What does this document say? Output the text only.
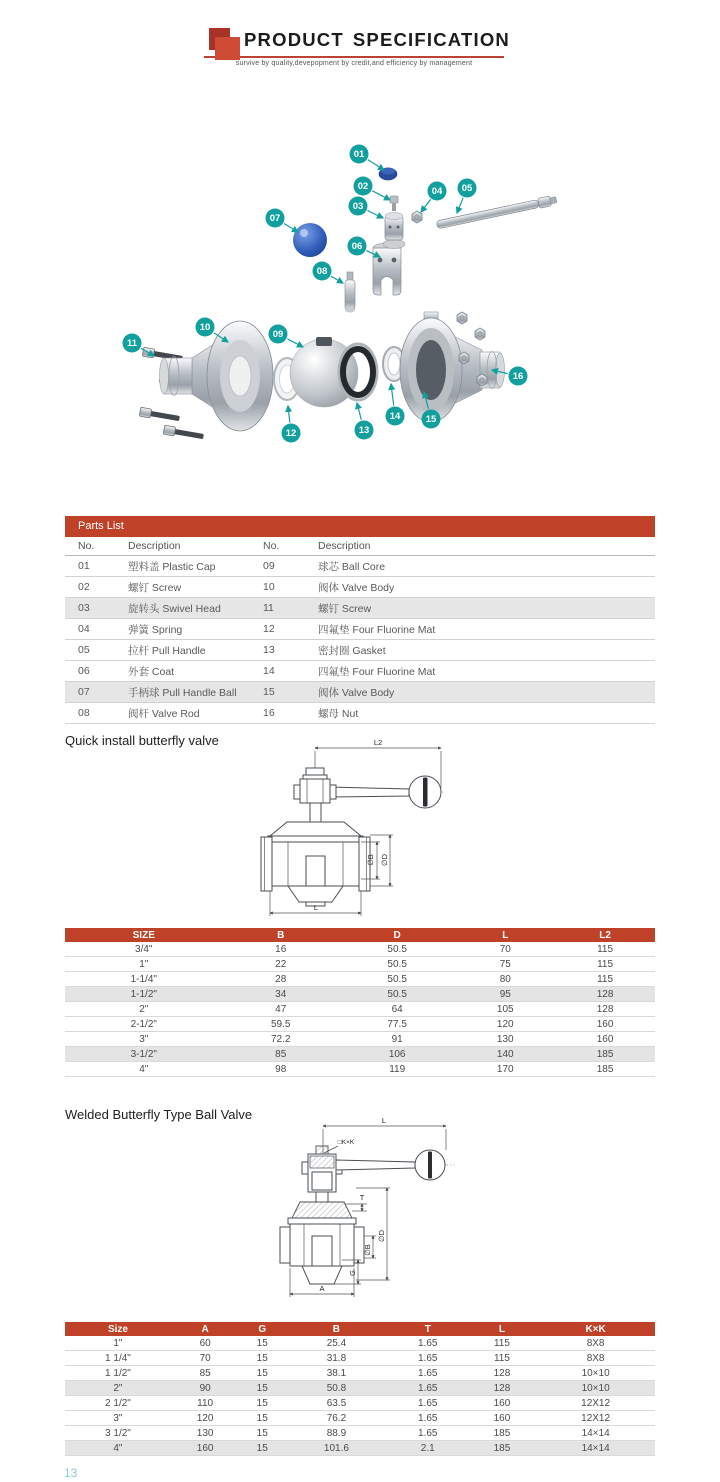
PRODUCT SPECIFICATION
survive by quality,devepopment by credit,and efficiency by management
01
02
03
04 05
06
07
08
09
10
11
12	13
14	15
16
Parts List
No.	Description	No.	Description
01	塑料盖 Plastic Cap	09	球芯 Ball Core
02	螺钉 Screw	10	阀体 Valve Body
03	旋转头 Swivel Head	11	螺钉 Screw
04	弹簧 Spring	12	四氟垫 Four Fluorine Mat
05	拉杆 Pull Handle	13	密封圈 Gasket
06	外套 Coat	14	四氟垫 Four Fluorine Mat
07	手柄球 Pull Handle Ball	15	阀体 Valve Body
08	阀杆 Valve Rod	16	螺母 Nut
Quick install butterfly valve	L2
∅B ∅D
L
SIZE	B	D	L	L2
3/4"	16	50.5	70	115
1"	22	50.5	75	115
1-1/4"	28	50.5	80	115
1-1/2"	34	50.5	95	128
2"	47	64	105	128
2-1/2"	59.5	77.5	120	160
3"	72.2	91	130	160
3-1/2"	85	106	140	185
4"	98	119	170	185
Welded Butterfly Type Ball Valve	L
□K×K
T
∅B
∅D
G
A
Size	A	G	B	T	L	K×K
1"	60	15	25.4	1.65	115	8X8
1 1/4"	70	15	31.8	1.65	115	8X8
1 1/2"	85	15	38.1	1.65	128	10×10
2"	90	15	50.8	1.65	128	10×10
2 1/2"	110	15	63.5	1.65	160	12X12
3"	120	15	76.2	1.65	160	12X12
3 1/2"	130	15	88.9	1.65	185	14×14
4"	160	15	101.6	2.1	185	14×14
13
